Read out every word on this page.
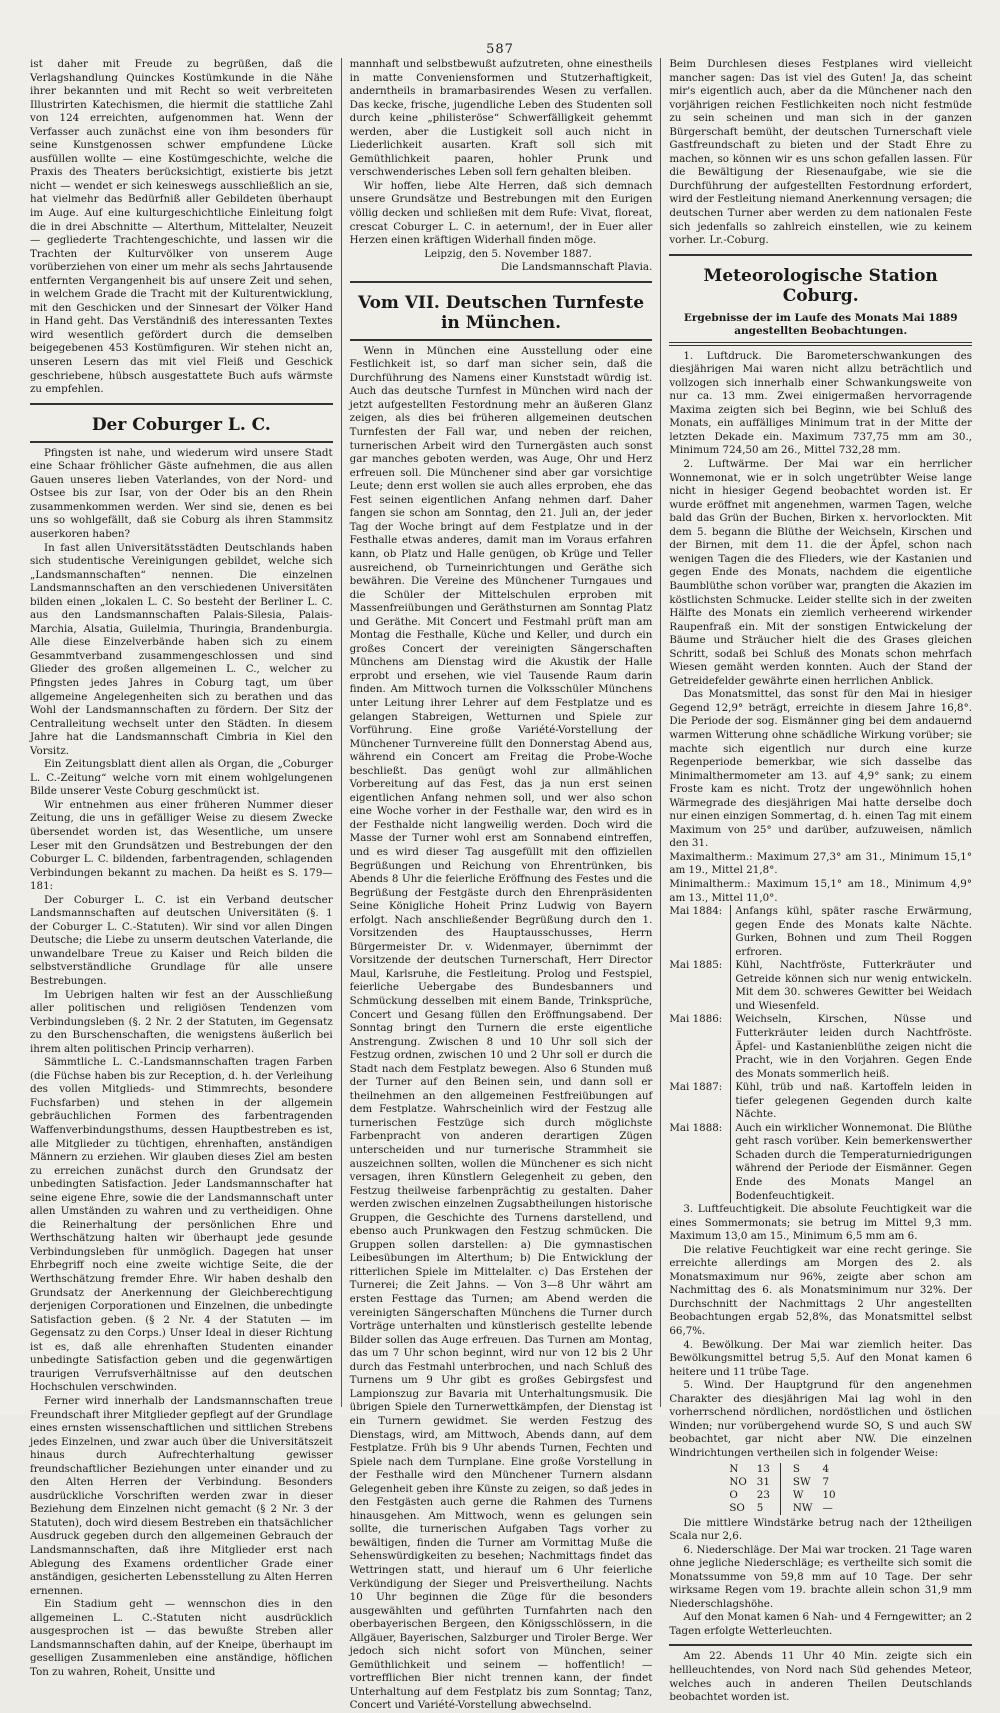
587

ist daher mit Freude zu begrüßen, daß die Verlagshandlung Quinckes Kostümkunde in die Nähe ihrer bekannten und mit Recht so weit verbreiteten Illustrirten Katechismen, die hiermit die stattliche Zahl von 124 erreichten, aufgenommen hat. Wenn der Verfasser auch zunächst eine von ihm besonders für seine Kunstgenossen schwer empfundene Lücke ausfüllen wollte — eine Kostümgeschichte, welche die Praxis des Theaters berücksichtigt, existierte bis jetzt nicht — wendet er sich keineswegs ausschließlich an sie, hat vielmehr das Bedürfniß aller Gebildeten überhaupt im Auge. Auf eine kulturgeschichtliche Einleitung folgt die in drei Abschnitte — Alterthum, Mittelalter, Neuzeit — gegliederte Trachtengeschichte, und lassen wir die Trachten der Kulturvölker von unserem Auge vorüberziehen von einer um mehr als sechs Jahrtausende entfernten Vergangenheit bis auf unsere Zeit und sehen, in welchem Grade die Tracht mit der Kulturentwicklung, mit den Geschicken und der Sinnesart der Völker Hand in Hand geht. Das Verständniß des interessanten Textes wird wesentlich gefördert durch die demselben beigegebenen 453 Kostümfiguren. Wir stehen nicht an, unseren Lesern das mit viel Fleiß und Geschick geschriebene, hübsch ausgestattete Buch aufs wärmste zu empfehlen.

Der Coburger L. C.

Pfingsten ist nahe, und wiederum wird unsere Stadt eine Schaar fröhlicher Gäste aufnehmen, die aus allen Gauen unseres lieben Vaterlandes, von der Nord- und Ostsee bis zur Isar, von der Oder bis an den Rhein zusammenkommen werden. Wer sind sie, denen es bei uns so wohlgefällt, daß sie Coburg als ihren Stammsitz auserkoren haben?

In fast allen Universitätsstädten Deutschlands haben sich studentische Vereinigungen gebildet, welche sich „Landsmannschaften“ nennen. Die einzelnen Landsmannschaften an den verschiedenen Universitäten bilden einen „lokalen L. C. So besteht der Berliner L. C. aus den Landsmannschaften Palais-Silesia, Palais-Marchia, Alsatia, Guilelmia, Thuringia, Brandenburgia. Alle diese Einzelverbände haben sich zu einem Gesammtverband zusammengeschlossen und sind Glieder des großen allgemeinen L. C., welcher zu Pfingsten jedes Jahres in Coburg tagt, um über allgemeine Angelegenheiten sich zu berathen und das Wohl der Landsmannschaften zu fördern. Der Sitz der Centralleitung wechselt unter den Städten. In diesem Jahre hat die Landsmannschaft Cimbria in Kiel den Vorsitz.

Ein Zeitungsblatt dient allen als Organ, die „Coburger L. C.-Zeitung“ welche vorn mit einem wohlgelungenen Bilde unserer Veste Coburg geschmückt ist.

Wir entnehmen aus einer früheren Nummer dieser Zeitung, die uns in gefälliger Weise zu diesem Zwecke übersendet worden ist, das Wesentliche, um unsere Leser mit den Grundsätzen und Bestrebungen der den Coburger L. C. bildenden, farbentragenden, schlagenden Verbindungen bekannt zu machen. Da heißt es S. 179—181:

Der Coburger L. C. ist ein Verband deutscher Landsmannschaften auf deutschen Universitäten (§. 1 der Coburger L. C.-Statuten). Wir sind vor allen Dingen Deutsche; die Liebe zu unserm deutschen Vaterlande, die unwandelbare Treue zu Kaiser und Reich bilden die selbstverständliche Grundlage für alle unsere Bestrebungen.

Im Uebrigen halten wir fest an der Ausschließung aller politischen und religiösen Tendenzen vom Verbindungsleben (§. 2 Nr. 2 der Statuten, im Gegensatz zu den Burschenschaften, die wenigstens äußerlich bei ihrem alten politischen Princip verharren).

Sämmtliche L. C.-Landsmannschaften tragen Farben (die Füchse haben bis zur Reception, d. h. der Verleihung des vollen Mitglieds- und Stimmrechts, besondere Fuchsfarben) und stehen in der allgemein gebräuchlichen Formen des farbentragenden Waffenverbindungsthums, dessen Hauptbestreben es ist, alle Mitglieder zu tüchtigen, ehrenhaften, anständigen Männern zu erziehen. Wir glauben dieses Ziel am besten zu erreichen zunächst durch den Grundsatz der unbedingten Satisfaction. Jeder Landsmannschafter hat seine eigene Ehre, sowie die der Landsmannschaft unter allen Umständen zu wahren und zu vertheidigen. Ohne die Reinerhaltung der persönlichen Ehre und Werthschätzung halten wir überhaupt jede gesunde Verbindungsleben für unmöglich. Dagegen hat unser Ehrbegriff noch eine zweite wichtige Seite, die der Werthschätzung fremder Ehre. Wir haben deshalb den Grundsatz der Anerkennung der Gleichberechtigung derjenigen Corporationen und Einzelnen, die unbedingte Satisfaction geben. (§ 2 Nr. 4 der Statuten — im Gegensatz zu den Corps.) Unser Ideal in dieser Richtung ist es, daß alle ehrenhaften Studenten einander unbedingte Satisfaction geben und die gegenwärtigen traurigen Verrufsverhältnisse auf den deutschen Hochschulen verschwinden.

Ferner wird innerhalb der Landsmannschaften treue Freundschaft ihrer Mitglieder gepflegt auf der Grundlage eines ernsten wissenschaftlichen und sittlichen Strebens jedes Einzelnen, und zwar auch über die Universitätszeit hinaus durch Aufrechterhaltung gewisser freundschaftlicher Beziehungen unter einander und zu den Alten Herren der Verbindung. Besonders ausdrückliche Vorschriften werden zwar in dieser Beziehung dem Einzelnen nicht gemacht (§ 2 Nr. 3 der Statuten), doch wird diesem Bestreben ein thatsächlicher Ausdruck gegeben durch den allgemeinen Gebrauch der Landsmannschaften, daß ihre Mitglieder erst nach Ablegung des Examens ordentlicher Grade einer anständigen, gesicherten Lebensstellung zu Alten Herren ernennen.

Ein Stadium geht — wennschon dies in den allgemeinen L. C.-Statuten nicht ausdrücklich ausgesprochen ist — das bewußte Streben aller Landsmannschaften dahin, auf der Kneipe, überhaupt im geselligen Zusammenleben eine anständige, höflichen Ton zu wahren, Roheit, Unsitte und

mannhaft und selbstbewußt aufzutreten, ohne einestheils in matte Conveniensformen und Stutzerhaftigkeit, anderntheils in bramarbasirendes Wesen zu verfallen. Das kecke, frische, jugendliche Leben des Studenten soll durch keine „philisteröse“ Schwerfälligkeit gehemmt werden, aber die Lustigkeit soll auch nicht in Liederlichkeit ausarten. Kraft soll sich mit Gemüthlichkeit paaren, hohler Prunk und verschwenderisches Leben soll fern gehalten bleiben.

Wir hoffen, liebe Alte Herren, daß sich demnach unsere Grundsätze und Bestrebungen mit den Eurigen völlig decken und schließen mit dem Rufe: Vivat, floreat, crescat Coburger L. C. in aeternum!, der in Euer aller Herzen einen kräftigen Widerhall finden möge.

Leipzig, den 5. November 1887.

Die Landsmannschaft Plavia.

Vom VII. Deutschen Turnfeste in München.

Wenn in München eine Ausstellung oder eine Festlichkeit ist, so darf man sicher sein, daß die Durchführung des Namens einer Kunststadt würdig ist. Auch das deutsche Turnfest in München wird nach der jetzt aufgestellten Festordnung mehr an äußeren Glanz zeigen, als dies bei früheren allgemeinen deutschen Turnfesten der Fall war, und neben der reichen, turnerischen Arbeit wird den Turnergästen auch sonst gar manches geboten werden, was Auge, Ohr und Herz erfreuen soll. Die Münchener sind aber gar vorsichtige Leute; denn erst wollen sie auch alles erproben, ehe das Fest seinen eigentlichen Anfang nehmen darf. Daher fangen sie schon am Sonntag, den 21. Juli an, der jeder Tag der Woche bringt auf dem Festplatze und in der Festhalle etwas anderes, damit man im Voraus erfahren kann, ob Platz und Halle genügen, ob Krüge und Teller ausreichend, ob Turneinrichtungen und Geräthe sich bewähren. Die Vereine des Münchener Turngaues und die Schüler der Mittelschulen erproben mit Massenfreiübungen und Geräthsturnen am Sonntag Platz und Geräthe. Mit Concert und Festmahl prüft man am Montag die Festhalle, Küche und Keller, und durch ein großes Concert der vereinigten Sängerschaften Münchens am Dienstag wird die Akustik der Halle erprobt und ersehen, wie viel Tausende Raum darin finden. Am Mittwoch turnen die Volksschüler Münchens unter Leitung ihrer Lehrer auf dem Festplatze und es gelangen Stabreigen, Wetturnen und Spiele zur Vorführung. Eine große Variété-Vorstellung der Münchener Turnvereine füllt den Donnerstag Abend aus, während ein Concert am Freitag die Probe-Woche beschließt. Das genügt wohl zur allmählichen Vorbereitung auf das Fest, das ja nun erst seinen eigentlichen Anfang nehmen soll, und wer also schon eine Woche vorher in der Festhalle war, den wird es in der Festhalde nicht langweilig werden. Doch wird die Masse der Turner wohl erst am Sonnabend eintreffen, und es wird dieser Tag ausgefüllt mit den offiziellen Begrüßungen und Reichung von Ehrentrünken, bis Abends 8 Uhr die feierliche Eröffnung des Festes und die Begrüßung der Festgäste durch den Ehrenpräsidenten Seine Königliche Hoheit Prinz Ludwig von Bayern erfolgt. Nach anschließender Begrüßung durch den 1. Vorsitzenden des Hauptausschusses, Herrn Bürgermeister Dr. v. Widenmayer, übernimmt der Vorsitzende der deutschen Turnerschaft, Herr Director Maul, Karlsruhe, die Festleitung. Prolog und Festspiel, feierliche Uebergabe des Bundesbanners und Schmückung desselben mit einem Bande, Trinksprüche, Concert und Gesang füllen den Eröffnungsabend. Der Sonntag bringt den Turnern die erste eigentliche Anstrengung. Zwischen 8 und 10 Uhr soll sich der Festzug ordnen, zwischen 10 und 2 Uhr soll er durch die Stadt nach dem Festplatz bewegen. Also 6 Stunden muß der Turner auf den Beinen sein, und dann soll er theilnehmen an den allgemeinen Festfreiübungen auf dem Festplatze. Wahrscheinlich wird der Festzug alle turnerischen Festzüge sich durch möglichste Farbenpracht von anderen derartigen Zügen unterscheiden und nur turnerische Strammheit sie auszeichnen sollten, wollen die Münchener es sich nicht versagen, ihren Künstlern Gelegenheit zu geben, den Festzug theilweise farbenprächtig zu gestalten. Daher werden zwischen einzelnen Zugsabtheilungen historische Gruppen, die Geschichte des Turnens darstellend, und ebenso auch Prunkwagen den Festzug schmücken. Die Gruppen sollen darstellen: a) Die gymnastischen Leibesübungen im Alterthum; b) Die Entwicklung der ritterlichen Spiele im Mittelalter. c) Das Erstehen der Turnerei; die Zeit Jahns. — Von 3—8 Uhr währt am ersten Festtage das Turnen; am Abend werden die vereinigten Sängerschaften Münchens die Turner durch Vorträge unterhalten und künstlerisch gestellte lebende Bilder sollen das Auge erfreuen. Das Turnen am Montag, das um 7 Uhr schon beginnt, wird nur von 12 bis 2 Uhr durch das Festmahl unterbrochen, und nach Schluß des Turnens um 9 Uhr gibt es großes Gebirgsfest und Lampionszug zur Bavaria mit Unterhaltungsmusik. Die übrigen Spiele den Turnerwettkämpfen, der Dienstag ist ein Turnern gewidmet. Sie werden Festzug des Dienstags, wird, am Mittwoch, Abends dann, auf dem Festplatze. Früh bis 9 Uhr abends Turnen, Fechten und Spiele nach dem Turnplane. Eine große Vorstellung in der Festhalle wird den Münchener Turnern alsdann Gelegenheit geben ihre Künste zu zeigen, so daß jedes in den Festgästen auch gerne die Rahmen des Turnens hinausgehen. Am Mittwoch, wenn es gelungen sein sollte, die turnerischen Aufgaben Tags vorher zu bewältigen, finden die Turner am Vormittag Muße die Sehenswürdigkeiten zu besehen; Nachmittags findet das Wettringen statt, und hierauf um 6 Uhr feierliche Verkündigung der Sieger und Preisvertheilung. Nachts 10 Uhr beginnen die Züge für die besonders ausgewählten und geführten Turnfahrten nach den oberbayerischen Bergeen, den Königsschlössern, in die Allgäuer, Bayerischen, Salzburger und Tiroler Berge. Wer jedoch sich nicht sofort von München, seiner Gemüthlichkeit und seinem — hoffentlich! — vortrefflichen Bier nicht trennen kann, der findet Unterhaltung auf dem Festplatz bis zum Sonntag; Tanz, Concert und Variété-Vorstellung abwechselnd.

Beim Durchlesen dieses Festplanes wird vielleicht mancher sagen: Das ist viel des Guten! Ja, das scheint mir's eigentlich auch, aber da die Münchener nach den vorjährigen reichen Festlichkeiten noch nicht festmüde zu sein scheinen und man sich in der ganzen Bürgerschaft bemüht, der deutschen Turnerschaft viele Gastfreundschaft zu bieten und der Stadt Ehre zu machen, so können wir es uns schon gefallen lassen. Für die Bewältigung der Riesenaufgabe, wie sie die Durchführung der aufgestellten Festordnung erfordert, wird der Festleitung niemand Anerkennung versagen; die deutschen Turner aber werden zu dem nationalen Feste sich jedenfalls so zahlreich einstellen, wie zu keinem vorher. Lr.-Coburg.

Meteorologische Station Coburg.
Ergebnisse der im Laufe des Monats Mai 1889 angestellten Beobachtungen.

1. Luftdruck. Die Barometerschwankungen des diesjährigen Mai waren nicht allzu beträchtlich und vollzogen sich innerhalb einer Schwankungsweite von nur ca. 13 mm. Zwei einigermaßen hervorragende Maxima zeigten sich bei Beginn, wie bei Schluß des Monats, ein auffälliges Minimum trat in der Mitte der letzten Dekade ein. Maximum 737,75 mm am 30., Minimum 724,50 am 26., Mittel 732,28 mm.

2. Luftwärme. Der Mai war ein herrlicher Wonnemonat, wie er in solch ungetrübter Weise lange nicht in hiesiger Gegend beobachtet worden ist. Er wurde eröffnet mit angenehmen, warmen Tagen, welche bald das Grün der Buchen, Birken x. hervorlockten. Mit dem 5. begann die Blüthe der Weichseln, Kirschen und der Birnen, mit dem 11. die der Äpfel, schon nach wenigen Tagen die des Flieders, wie der Kastanien und gegen Ende des Monats, nachdem die eigentliche Baumblüthe schon vorüber war, prangten die Akazien im köstlichsten Schmucke. Leider stellte sich in der zweiten Hälfte des Monats ein ziemlich verheerend wirkender Raupenfraß ein. Mit der sonstigen Entwickelung der Bäume und Sträucher hielt die des Grases gleichen Schritt, sodaß bei Schluß des Monats schon mehrfach Wiesen gemäht werden konnten. Auch der Stand der Getreidefelder gewährte einen herrlichen Anblick.

Das Monatsmittel, das sonst für den Mai in hiesiger Gegend 12,9° beträgt, erreichte in diesem Jahre 16,8°. Die Periode der sog. Eismänner ging bei dem andauernd warmen Witterung ohne schädliche Wirkung vorüber; sie machte sich eigentlich nur durch eine kurze Regenperiode bemerkbar, wie sich dasselbe das Minimalthermometer am 13. auf 4,9° sank; zu einem Froste kam es nicht. Trotz der ungewöhnlich hohen Wärmegrade des diesjährigen Mai hatte derselbe doch nur einen einzigen Sommertag, d. h. einen Tag mit einem Maximum von 25° und darüber, aufzuweisen, nämlich den 31.

Maximaltherm.: Maximum 27,3° am 31., Minimum 15,1° am 19., Mittel 21,8°.

Minimaltherm.: Maximum 15,1° am 18., Minimum 4,9° am 13., Mittel 11,0°.

Mai 1884:	Anfangs kühl, später rasche Erwärmung, gegen Ende des Monats kalte Nächte. Gurken, Bohnen und zum Theil Roggen erfroren.
Mai 1885:	Kühl, Nachtfröste, Futterkräuter und Getreide können sich nur wenig entwickeln. Mit dem 30. schweres Gewitter bei Weidach und Wiesenfeld.
Mai 1886:	Weichseln, Kirschen, Nüsse und Futterkräuter leiden durch Nachtfröste. Äpfel- und Kastanienblüthe zeigen nicht die Pracht, wie in den Vorjahren. Gegen Ende des Monats sommerlich heiß.
Mai 1887:	Kühl, trüb und naß. Kartoffeln leiden in tiefer gelegenen Gegenden durch kalte Nächte.
Mai 1888:	Auch ein wirklicher Wonnemonat. Die Blüthe geht rasch vorüber. Kein bemerkenswerther Schaden durch die Temperaturniedrigungen während der Periode der Eismänner. Gegen Ende des Monats Mangel an Bodenfeuchtigkeit.

3. Luftfeuchtigkeit. Die absolute Feuchtigkeit war die eines Sommermonats; sie betrug im Mittel 9,3 mm. Maximum 13,0 am 15., Minimum 6,5 mm am 6.

Die relative Feuchtigkeit war eine recht geringe. Sie erreichte allerdings am Morgen des 2. als Monatsmaximum nur 96%, zeigte aber schon am Nachmittag des 6. als Monatsminimum nur 32%. Der Durchschnitt der Nachmittags 2 Uhr angestellten Beobachtungen ergab 52,8%, das Monatsmittel selbst 66,7%.

4. Bewölkung. Der Mai war ziemlich heiter. Das Bewölkungsmittel betrug 5,5. Auf den Monat kamen 6 heitere und 11 trübe Tage.

5. Wind. Der Hauptgrund für den angenehmen Charakter des diesjährigen Mai lag wohl in den vorherrschend nördlichen, nordöstlichen und östlichen Winden; nur vorübergehend wurde SO, S und auch SW beobachtet, gar nicht aber NW. Die einzelnen Windrichtungen vertheilen sich in folgender Weise:

N	13	S	4
NO	31	SW	7
O	23	W	10
SO	5	NW	—

Die mittlere Windstärke betrug nach der 12theiligen Scala nur 2,6.

6. Niederschläge. Der Mai war trocken. 21 Tage waren ohne jegliche Niederschläge; es vertheilte sich somit die Monatssumme von 59,8 mm auf 10 Tage. Der sehr wirksame Regen vom 19. brachte allein schon 31,9 mm Niederschlagshöhe.

Auf den Monat kamen 6 Nah- und 4 Ferngewitter; an 2 Tagen erfolgte Wetterleuchten.

Am 22. Abends 11 Uhr 40 Min. zeigte sich ein hellleuchtendes, von Nord nach Süd gehendes Meteor, welches auch in anderen Theilen Deutschlands beobachtet worden ist.
